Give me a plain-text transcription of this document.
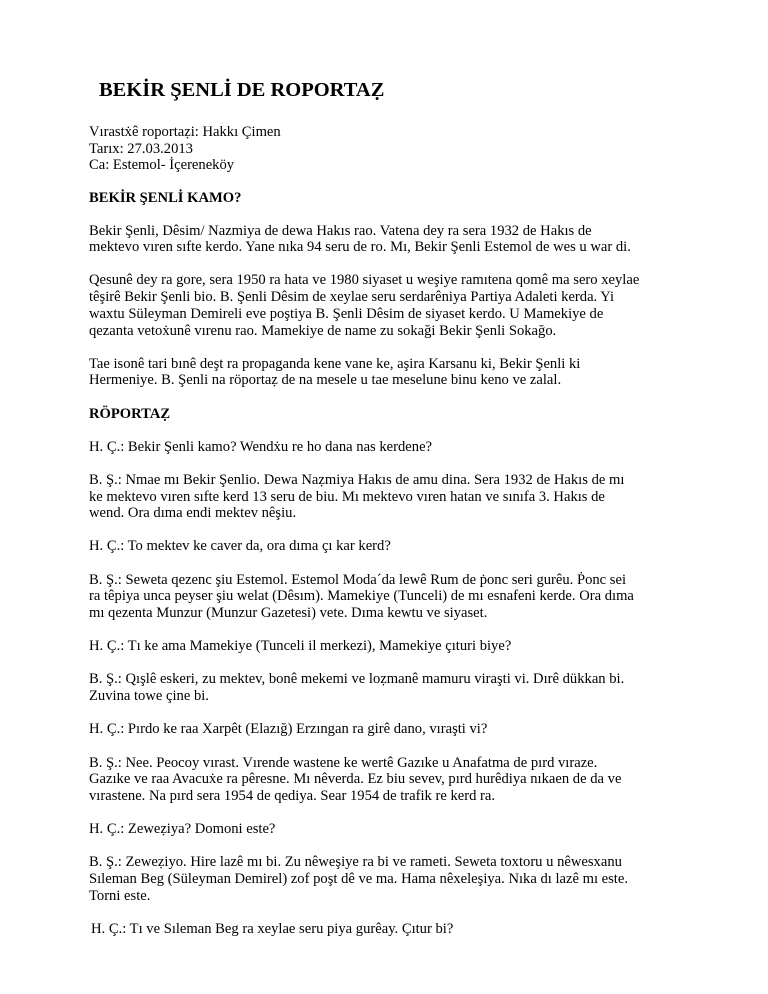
BEKİR ŞENLİ DE ROPORTAẒ
Vırastẋê roportaẓi: Hakkı Çimen
Tarıx: 27.03.2013
Ca: Estemol- İçereneköy
BEKİR ŞENLİ KAMO?
Bekir Şenli, Dêsim/ Nazmiya de dewa Hakıs rao. Vatena dey ra sera 1932 de Hakıs de
mektevo vıren sıfte kerdo. Yane nıka 94 seru de ro. Mı, Bekir Şenli Estemol de wes u war di.
Qesunê dey ra gore, sera 1950 ra hata ve 1980 siyaset u weşiye ramıtena qomê ma sero xeylae
têşirê Bekir Şenli bio. B. Şenli Dêsim de xeylae seru serdarêniya Partiya Adaleti kerda. Yi
waxtu Süleyman Demireli eve poştiya B. Şenli Dêsim de siyaset kerdo. U Mamekiye de
qezanta vetoẋunê vırenu rao. Mamekiye de name zu sokaği Bekir Şenli Sokağo.
Tae isonê tari bınê deşt ra propaganda kene vane ke, aşira Karsanu ki, Bekir Şenli ki
Hermeniye. B. Şenli na röportaẓ de na mesele u tae meselune binu keno ve zalal.
RÖPORTAẒ
H. Ç.: Bekir Şenli kamo? Wendẋu re ho dana nas kerdene?
B. Ş.: Nmae mı Bekir Şenlio. Dewa Naẓmiya Hakıs de amu dina. Sera 1932 de Hakıs de mı
ke mektevo vıren sıfte kerd 13 seru de biu. Mı mektevo vıren hatan ve sınıfa 3. Hakıs de
wend. Ora dıma endi mektev nêşiu.
H. Ç.: To mektev ke caver da, ora dıma çı kar kerd?
B. Ş.: Seweta qezenc şiu Estemol. Estemol Moda´da lewê Rum de ṗonc seri gurêu. Ṗonc sei
ra têpiya unca peyser şiu welat (Dêsım). Mamekiye (Tunceli) de mı esnafeni kerde. Ora dıma
mı qezenta Munzur (Munzur Gazetesi) vete. Dıma kewtu ve siyaset.
H. Ç.: Tı ke ama Mamekiye (Tunceli il merkezi), Mamekiye çıturi biye?
B. Ş.: Qışlê eskeri, zu mektev, bonê mekemi ve loẓmanê mamuru viraşti vi. Dırê dükkan bi.
Zuvina towe çine bi.
H. Ç.: Pırdo ke raa Xarpêt (Elazığ) Erzıngan ra girê dano, vıraşti vi?
B. Ş.: Nee. Peocoy vırast. Vırende wastene ke wertê Gazıke u Anafatma de pırd vıraze.
Gazıke ve raa Avacuẋe ra pêresne. Mı nêverda. Ez biu sevev, pırd hurêdiya nıkaen de da ve
vırastene. Na pırd sera 1954 de qediya. Sear 1954 de trafik re kerd ra.
H. Ç.: Zeweẓiya? Domoni este?
B. Ş.: Zeweẓiyo. Hire lazê mı bi. Zu nêweşiye ra bi ve rameti. Seweta toxtoru u nêwesxanu
Sıleman Beg (Süleyman Demirel) zof poşt dê ve ma. Hama nêxeleşiya. Nıka dı lazê mı este.
Torni este.
H. Ç.: Tı ve Sıleman Beg ra xeylae seru piya gurêay. Çıtur bi?
